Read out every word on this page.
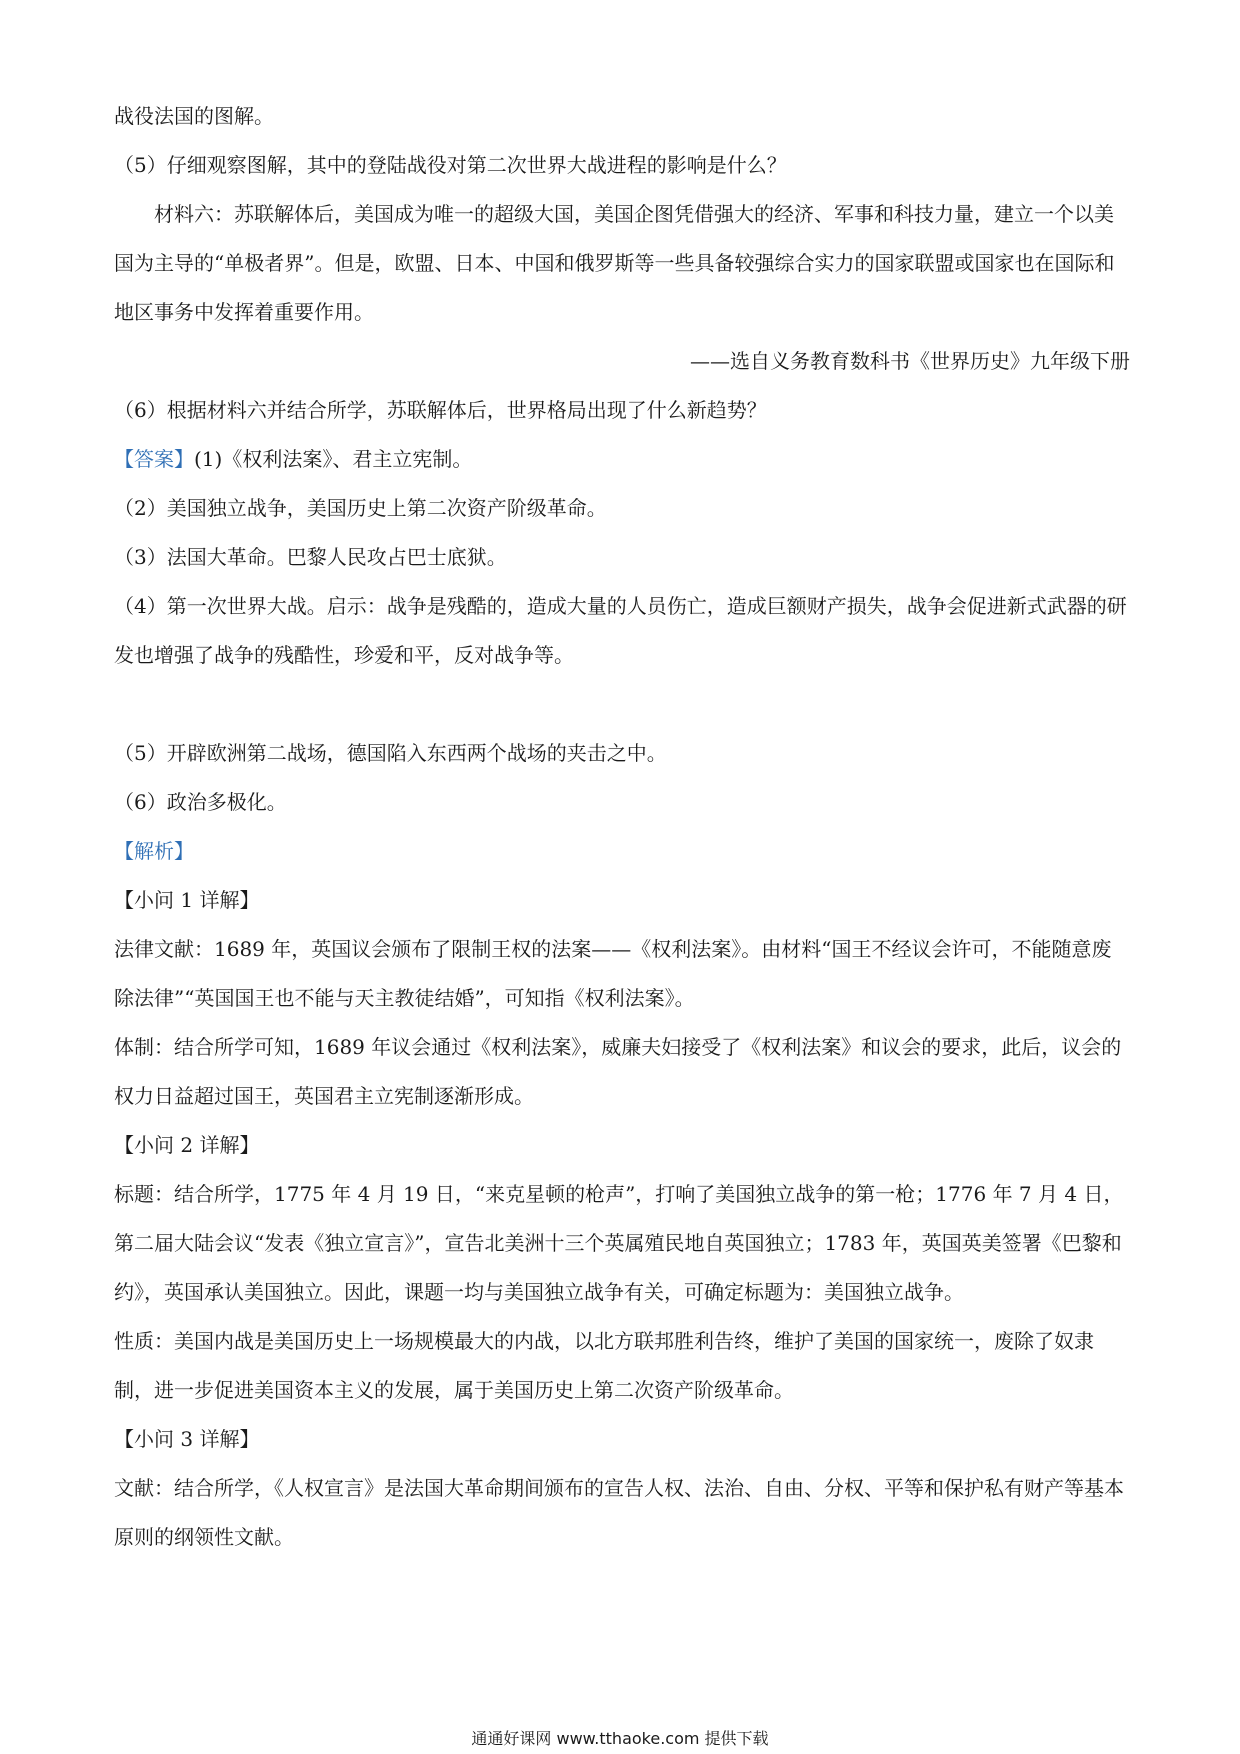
战役法国的图解。

（5）仔细观察图解，其中的登陆战役对第二次世界大战进程的影响是什么？

材料六：苏联解体后，美国成为唯一的超级大国，美国企图凭借强大的经济、军事和科技力量，建立一个以美国为主导的“单极者界”。但是，欧盟、日本、中国和俄罗斯等一些具备较强综合实力的国家联盟或国家也在国际和地区事务中发挥着重要作用。

——选自义务教育数科书《世界历史》九年级下册

（6）根据材料六并结合所学，苏联解体后，世界格局出现了什么新趋势？

【答案】(1)《权利法案》、君主立宪制。

（2）美国独立战争，美国历史上第二次资产阶级革命。

（3）法国大革命。巴黎人民攻占巴士底狱。

（4）第一次世界大战。启示：战争是残酷的，造成大量的人员伤亡，造成巨额财产损失，战争会促进新式武器的研发也增强了战争的残酷性，珍爱和平，反对战争等。

（5）开辟欧洲第二战场，德国陷入东西两个战场的夹击之中。

（6）政治多极化。

【解析】

【小问 1 详解】

法律文献：1689 年，英国议会颁布了限制王权的法案——《权利法案》。由材料“国王不经议会许可，不能随意废除法律”“英国国王也不能与天主教徒结婚”，可知指《权利法案》。

体制：结合所学可知，1689 年议会通过《权利法案》，威廉夫妇接受了《权利法案》和议会的要求，此后，议会的权力日益超过国王，英国君主立宪制逐渐形成。

【小问 2 详解】

标题：结合所学，1775 年 4 月 19 日，“来克星顿的枪声”，打响了美国独立战争的第一枪；1776 年 7 月 4 日，第二届大陆会议“发表《独立宣言》”，宣告北美洲十三个英属殖民地自英国独立；1783 年，英国英美签署《巴黎和约》，英国承认美国独立。因此，课题一均与美国独立战争有关，可确定标题为：美国独立战争。

性质：美国内战是美国历史上一场规模最大的内战，以北方联邦胜利告终，维护了美国的国家统一，废除了奴隶制，进一步促进美国资本主义的发展，属于美国历史上第二次资产阶级革命。

【小问 3 详解】

文献：结合所学，《人权宣言》是法国大革命期间颁布的宣告人权、法治、自由、分权、平等和保护私有财产等基本原则的纲领性文献。

通通好课网 www.tthaoke.com 提供下载
